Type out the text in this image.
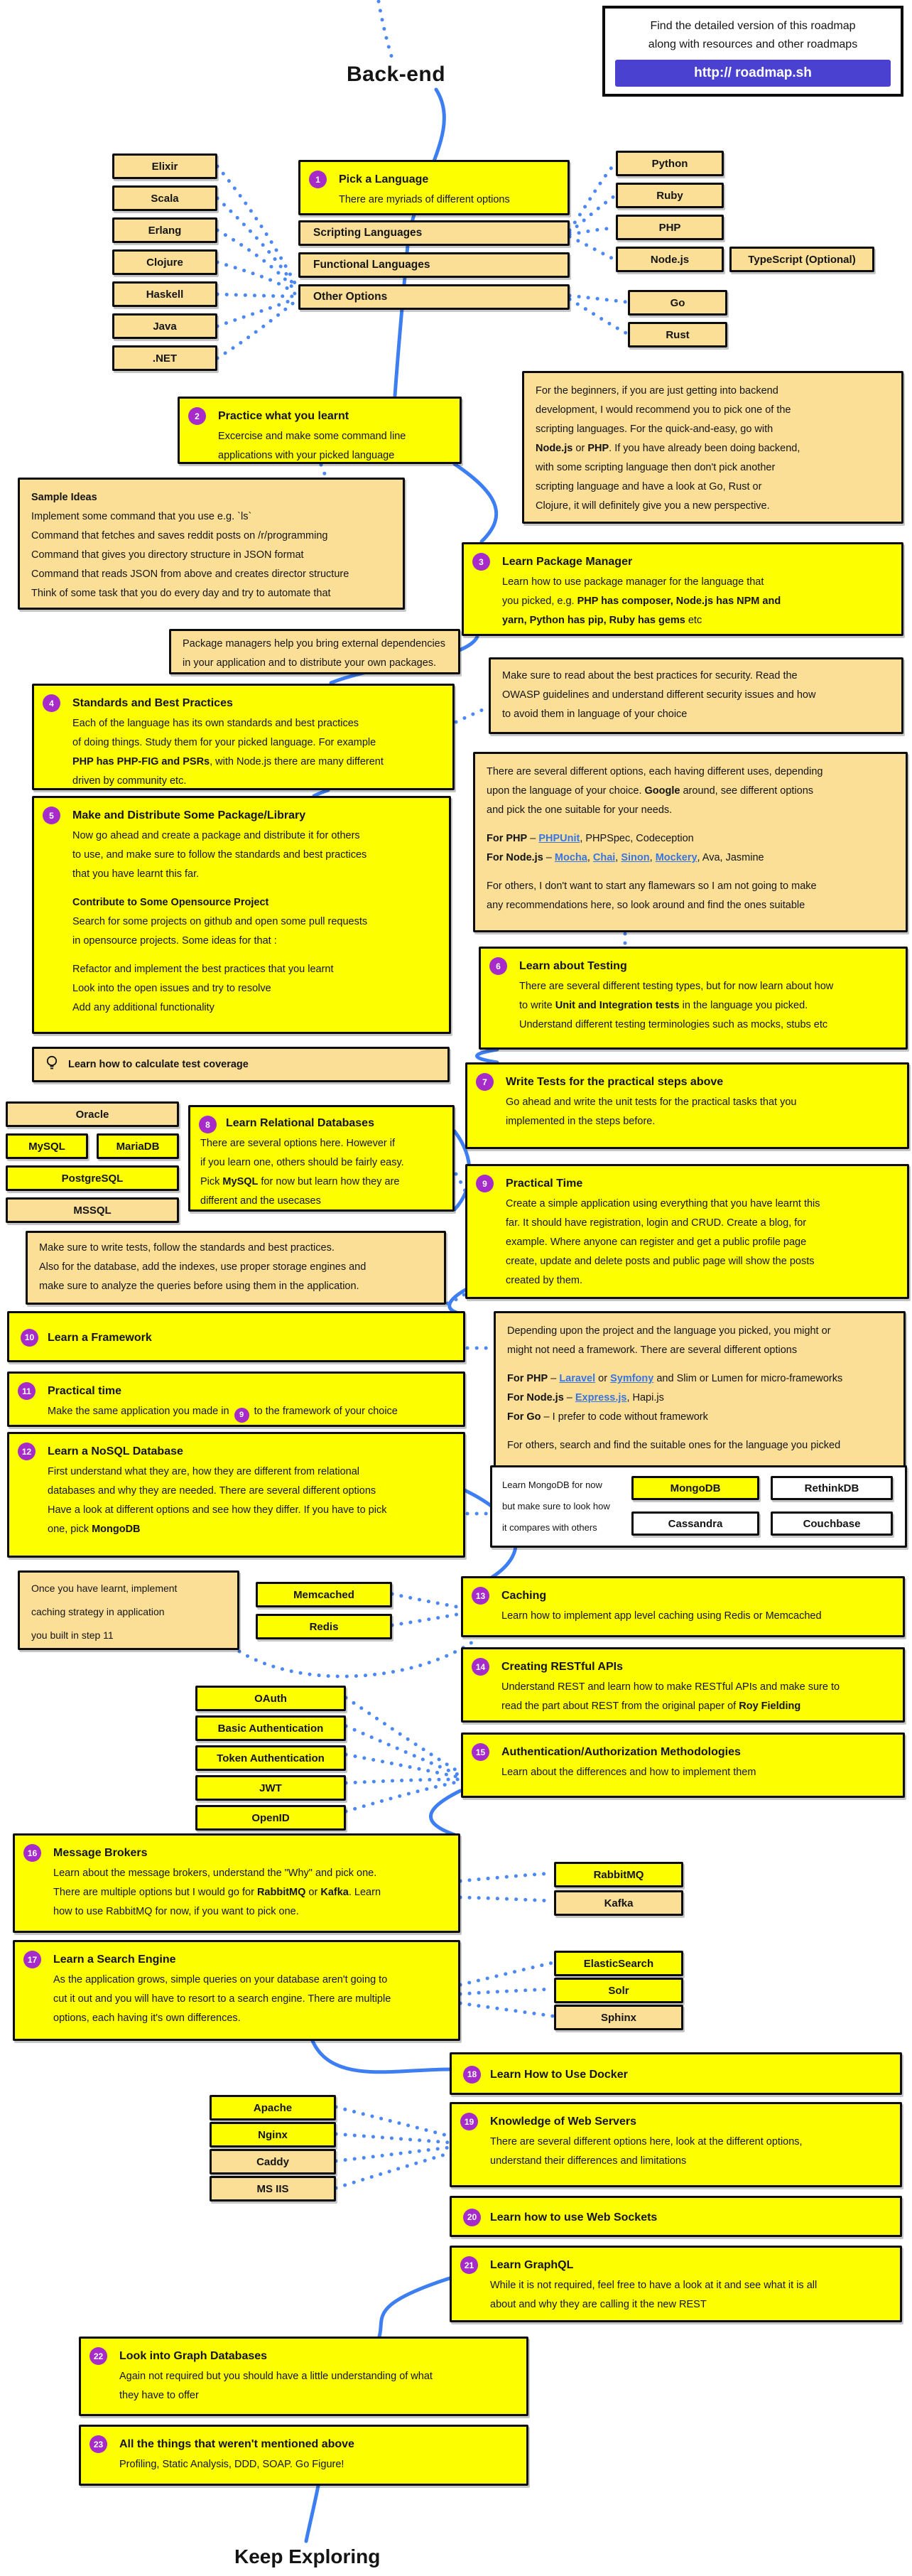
Back-end
Find the detailed version of this roadmap
along with resources and other roadmaps
http:// roadmap.sh
Elixir
Scala
Erlang
Clojure
Haskell
Java
.NET
Python
Ruby
PHP
Node.js	TypeScript (Optional)
Go
Rust
Scripting Languages
Functional Languages
Other Options
1	Pick a Language
There are myriads of different options
2	Practice what you learnt
Excercise and make some command line
applications with your picked language
For the beginners, if you are just getting into backend
development, I would recommend you to pick one of the
scripting languages. For the quick-and-easy, go with
Node.js or PHP. If you have already been doing backend,
with some scripting language then don't pick another
scripting language and have a look at Go, Rust or
Clojure, it will definitely give you a new perspective.
Sample Ideas
Implement some command that you use e.g. `ls`
Command that fetches and saves reddit posts on /r/programming
Command that gives you directory structure in JSON format
Command that reads JSON from above and creates director structure
Think of some task that you do every day and try to automate that
3	Learn Package Manager
Learn how to use package manager for the language that
you picked, e.g. PHP has composer, Node.js has NPM and
yarn, Python has pip, Ruby has gems etc
Package managers help you bring external dependencies
in your application and to distribute your own packages.
4	Standards and Best Practices
Each of the language has its own standards and best practices
of doing things. Study them for your picked language. For example
PHP has PHP-FIG and PSRs, with Node.js there are many different
driven by community etc.
Make sure to read about the best practices for security. Read the
OWASP guidelines and understand different security issues and how
to avoid them in language of your choice
There are several different options, each having different uses, depending
upon the language of your choice. Google around, see different options
and pick the one suitable for your needs.
For PHP – PHPUnit, PHPSpec, Codeception
For Node.js – Mocha, Chai, Sinon, Mockery, Ava, Jasmine
For others, I don't want to start any flamewars so I am not going to make
any recommendations here, so look around and find the ones suitable
5	Make and Distribute Some Package/Library
Now go ahead and create a package and distribute it for others
to use, and make sure to follow the standards and best practices
that you have learnt this far.
Contribute to Some Opensource Project
Search for some projects on github and open some pull requests
in opensource projects. Some ideas for that :
Refactor and implement the best practices that you learnt
Look into the open issues and try to resolve
Add any additional functionality
6	Learn about Testing
There are several different testing types, but for now learn about how
to write Unit and Integration tests in the language you picked.
Understand different testing terminologies such as mocks, stubs etc
Learn how to calculate test coverage
7	Write Tests for the practical steps above
Go ahead and write the unit tests for the practical tasks that you
implemented in the steps before.
Oracle
MySQL	MariaDB
PostgreSQL
MSSQL
8	Learn Relational Databases
There are several options here. However if
if you learn one, others should be fairly easy.
Pick MySQL for now but learn how they are
different and the usecases
9	Practical Time
Create a simple application using everything that you have learnt this
far. It should have registration, login and CRUD. Create a blog, for
example. Where anyone can register and get a public profile page
create, update and delete posts and public page will show the posts
created by them.
Make sure to write tests, follow the standards and best practices.
Also for the database, add the indexes, use proper storage engines and
make sure to analyze the queries before using them in the application.
10	Learn a Framework
Depending upon the project and the language you picked, you might or
might not need a framework. There are several different options
For PHP – Laravel or Symfony and Slim or Lumen for micro-frameworks
For Node.js – Express.js, Hapi.js
For Go – I prefer to code without framework
For others, search and find the suitable ones for the language you picked
11	Practical time
Make the same application you made in 9 to the framework of your choice
12	Learn a NoSQL Database
First understand what they are, how they are different from relational
databases and why they are needed. There are several different options
Have a look at different options and see how they differ. If you have to pick
one, pick MongoDB
Learn MongoDB for now
but make sure to look how
it compares with others
MongoDB	RethinkDB
Cassandra	Couchbase
Once you have learnt, implement
caching strategy in application
you built in step 11
Memcached
Redis
13	Caching
Learn how to implement app level caching using Redis or Memcached
14	Creating RESTful APIs
Understand REST and learn how to make RESTful APIs and make sure to
read the part about REST from the original paper of Roy Fielding
OAuth
Basic Authentication
Token Authentication
JWT
OpenID
15	Authentication/Authorization Methodologies
Learn about the differences and how to implement them
16	Message Brokers
Learn about the message brokers, understand the "Why" and pick one.
There are multiple options but I would go for RabbitMQ or Kafka. Learn
how to use RabbitMQ for now, if you want to pick one.
RabbitMQ
Kafka
17	Learn a Search Engine
As the application grows, simple queries on your database aren't going to
cut it out and you will have to resort to a search engine. There are multiple
options, each having it's own differences.
ElasticSearch
Solr
Sphinx
18	Learn How to Use Docker
Apache
Nginx
Caddy
MS IIS
19	Knowledge of Web Servers
There are several different options here, look at the different options,
understand their differences and limitations
20	Learn how to use Web Sockets
21	Learn GraphQL
While it is not required, feel free to have a look at it and see what it is all
about and why they are calling it the new REST
22	Look into Graph Databases
Again not required but you should have a little understanding of what
they have to offer
23	All the things that weren't mentioned above
Profiling, Static Analysis, DDD, SOAP. Go Figure!
Keep Exploring
